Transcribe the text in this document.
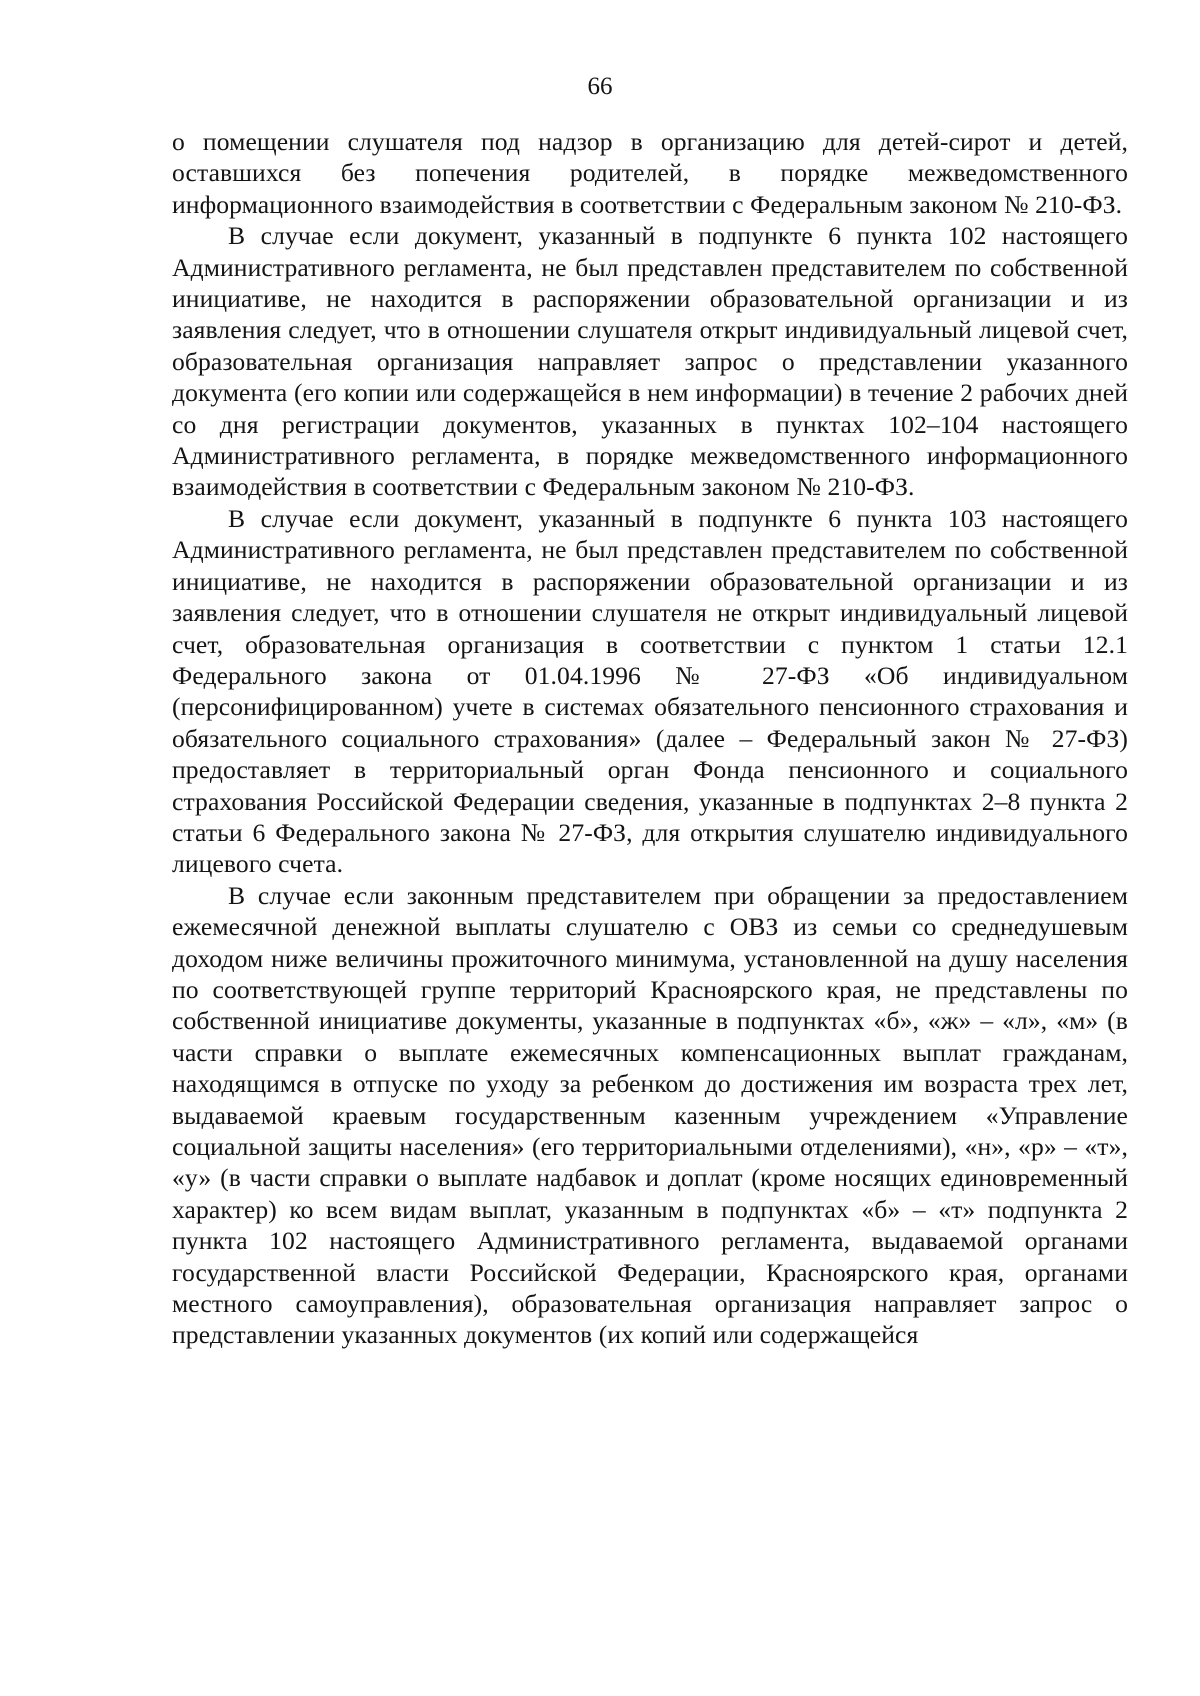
66

о помещении слушателя под надзор в организацию для детей-сирот и детей, оставшихся без попечения родителей, в порядке межведомственного информационного взаимодействия в соответствии с Федеральным законом № 210-ФЗ.

В случае если документ, указанный в подпункте 6 пункта 102 настоящего Административного регламента, не был представлен представителем по собственной инициативе, не находится в распоряжении образовательной организации и из заявления следует, что в отношении слушателя открыт индивидуальный лицевой счет, образовательная организация направляет запрос о представлении указанного документа (его копии или содержащейся в нем информации) в течение 2 рабочих дней со дня регистрации документов, указанных в пунктах 102–104 настоящего Административного регламента, в порядке межведомственного информационного взаимодействия в соответствии с Федеральным законом № 210-ФЗ.

В случае если документ, указанный в подпункте 6 пункта 103 настоящего Административного регламента, не был представлен представителем по собственной инициативе, не находится в распоряжении образовательной организации и из заявления следует, что в отношении слушателя не открыт индивидуальный лицевой счет, образовательная организация в соответствии с пунктом 1 статьи 12.1 Федерального закона от 01.04.1996 № 27-ФЗ «Об индивидуальном (персонифицированном) учете в системах обязательного пенсионного страхования и обязательного социального страхования» (далее – Федеральный закон № 27-ФЗ) предоставляет в территориальный орган Фонда пенсионного и социального страхования Российской Федерации сведения, указанные в подпунктах 2–8 пункта 2 статьи 6 Федерального закона № 27-ФЗ, для открытия слушателю индивидуального лицевого счета.

В случае если законным представителем при обращении за предоставлением ежемесячной денежной выплаты слушателю с ОВЗ из семьи со среднедушевым доходом ниже величины прожиточного минимума, установленной на душу населения по соответствующей группе территорий Красноярского края, не представлены по собственной инициативе документы, указанные в подпунктах «б», «ж» – «л», «м» (в части справки о выплате ежемесячных компенсационных выплат гражданам, находящимся в отпуске по уходу за ребенком до достижения им возраста трех лет, выдаваемой краевым государственным казенным учреждением «Управление социальной защиты населения» (его территориальными отделениями), «н», «р» – «т», «у» (в части справки о выплате надбавок и доплат (кроме носящих единовременный характер) ко всем видам выплат, указанным в подпунктах «б» – «т» подпункта 2 пункта 102 настоящего Административного регламента, выдаваемой органами государственной власти Российской Федерации, Красноярского края, органами местного самоуправления), образовательная организация направляет запрос о представлении указанных документов (их копий или содержащейся
